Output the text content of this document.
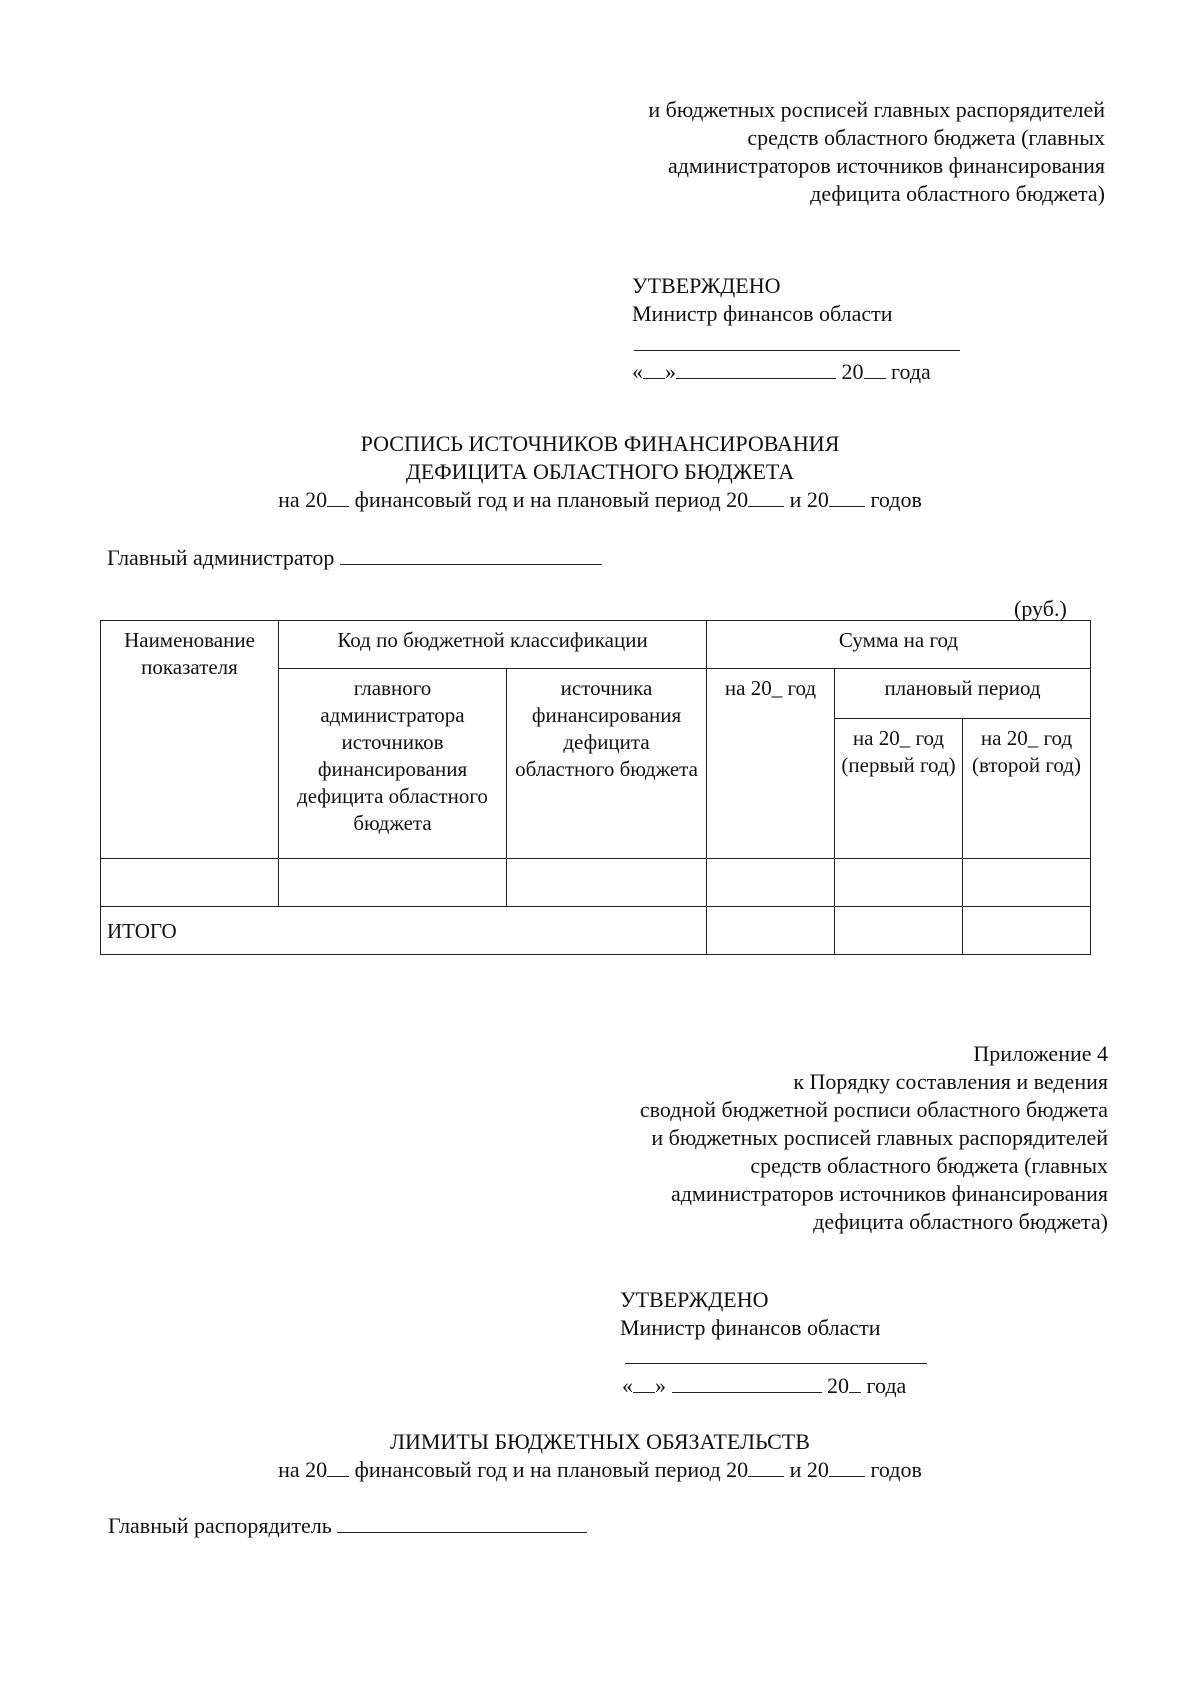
и бюджетных росписей главных распорядителей
средств областного бюджета (главных
администраторов источников финансирования
дефицита областного бюджета)
УТВЕРЖДЕНО
Министр финансов области
« »	20 года
РОСПИСЬ ИСТОЧНИКОВ ФИНАНСИРОВАНИЯ
ДЕФИЦИТА ОБЛАСТНОГО БЮДЖЕТА
на 20 финансовый год и на плановый период 20 и 20 годов
Главный администратор
(руб.)
Наименование показателя	Код по бюджетной классификации		Сумма на год		
	главного администратора источников финансирования дефицита областного бюджета	источника финансирования дефицита областного бюджета	на 20_ год	плановый период	
				на 20_ год (первый год)	на 20_ год (второй год)

ИТОГО					
Приложение 4
к Порядку составления и ведения
сводной бюджетной росписи областного бюджета
и бюджетных росписей главных распорядителей
средств областного бюджета (главных
администраторов источников финансирования
дефицита областного бюджета)
УТВЕРЖДЕНО
Министр финансов области
« »	20 года
ЛИМИТЫ БЮДЖЕТНЫХ ОБЯЗАТЕЛЬСТВ
на 20 финансовый год и на плановый период 20 и 20 годов
Главный распорядитель
